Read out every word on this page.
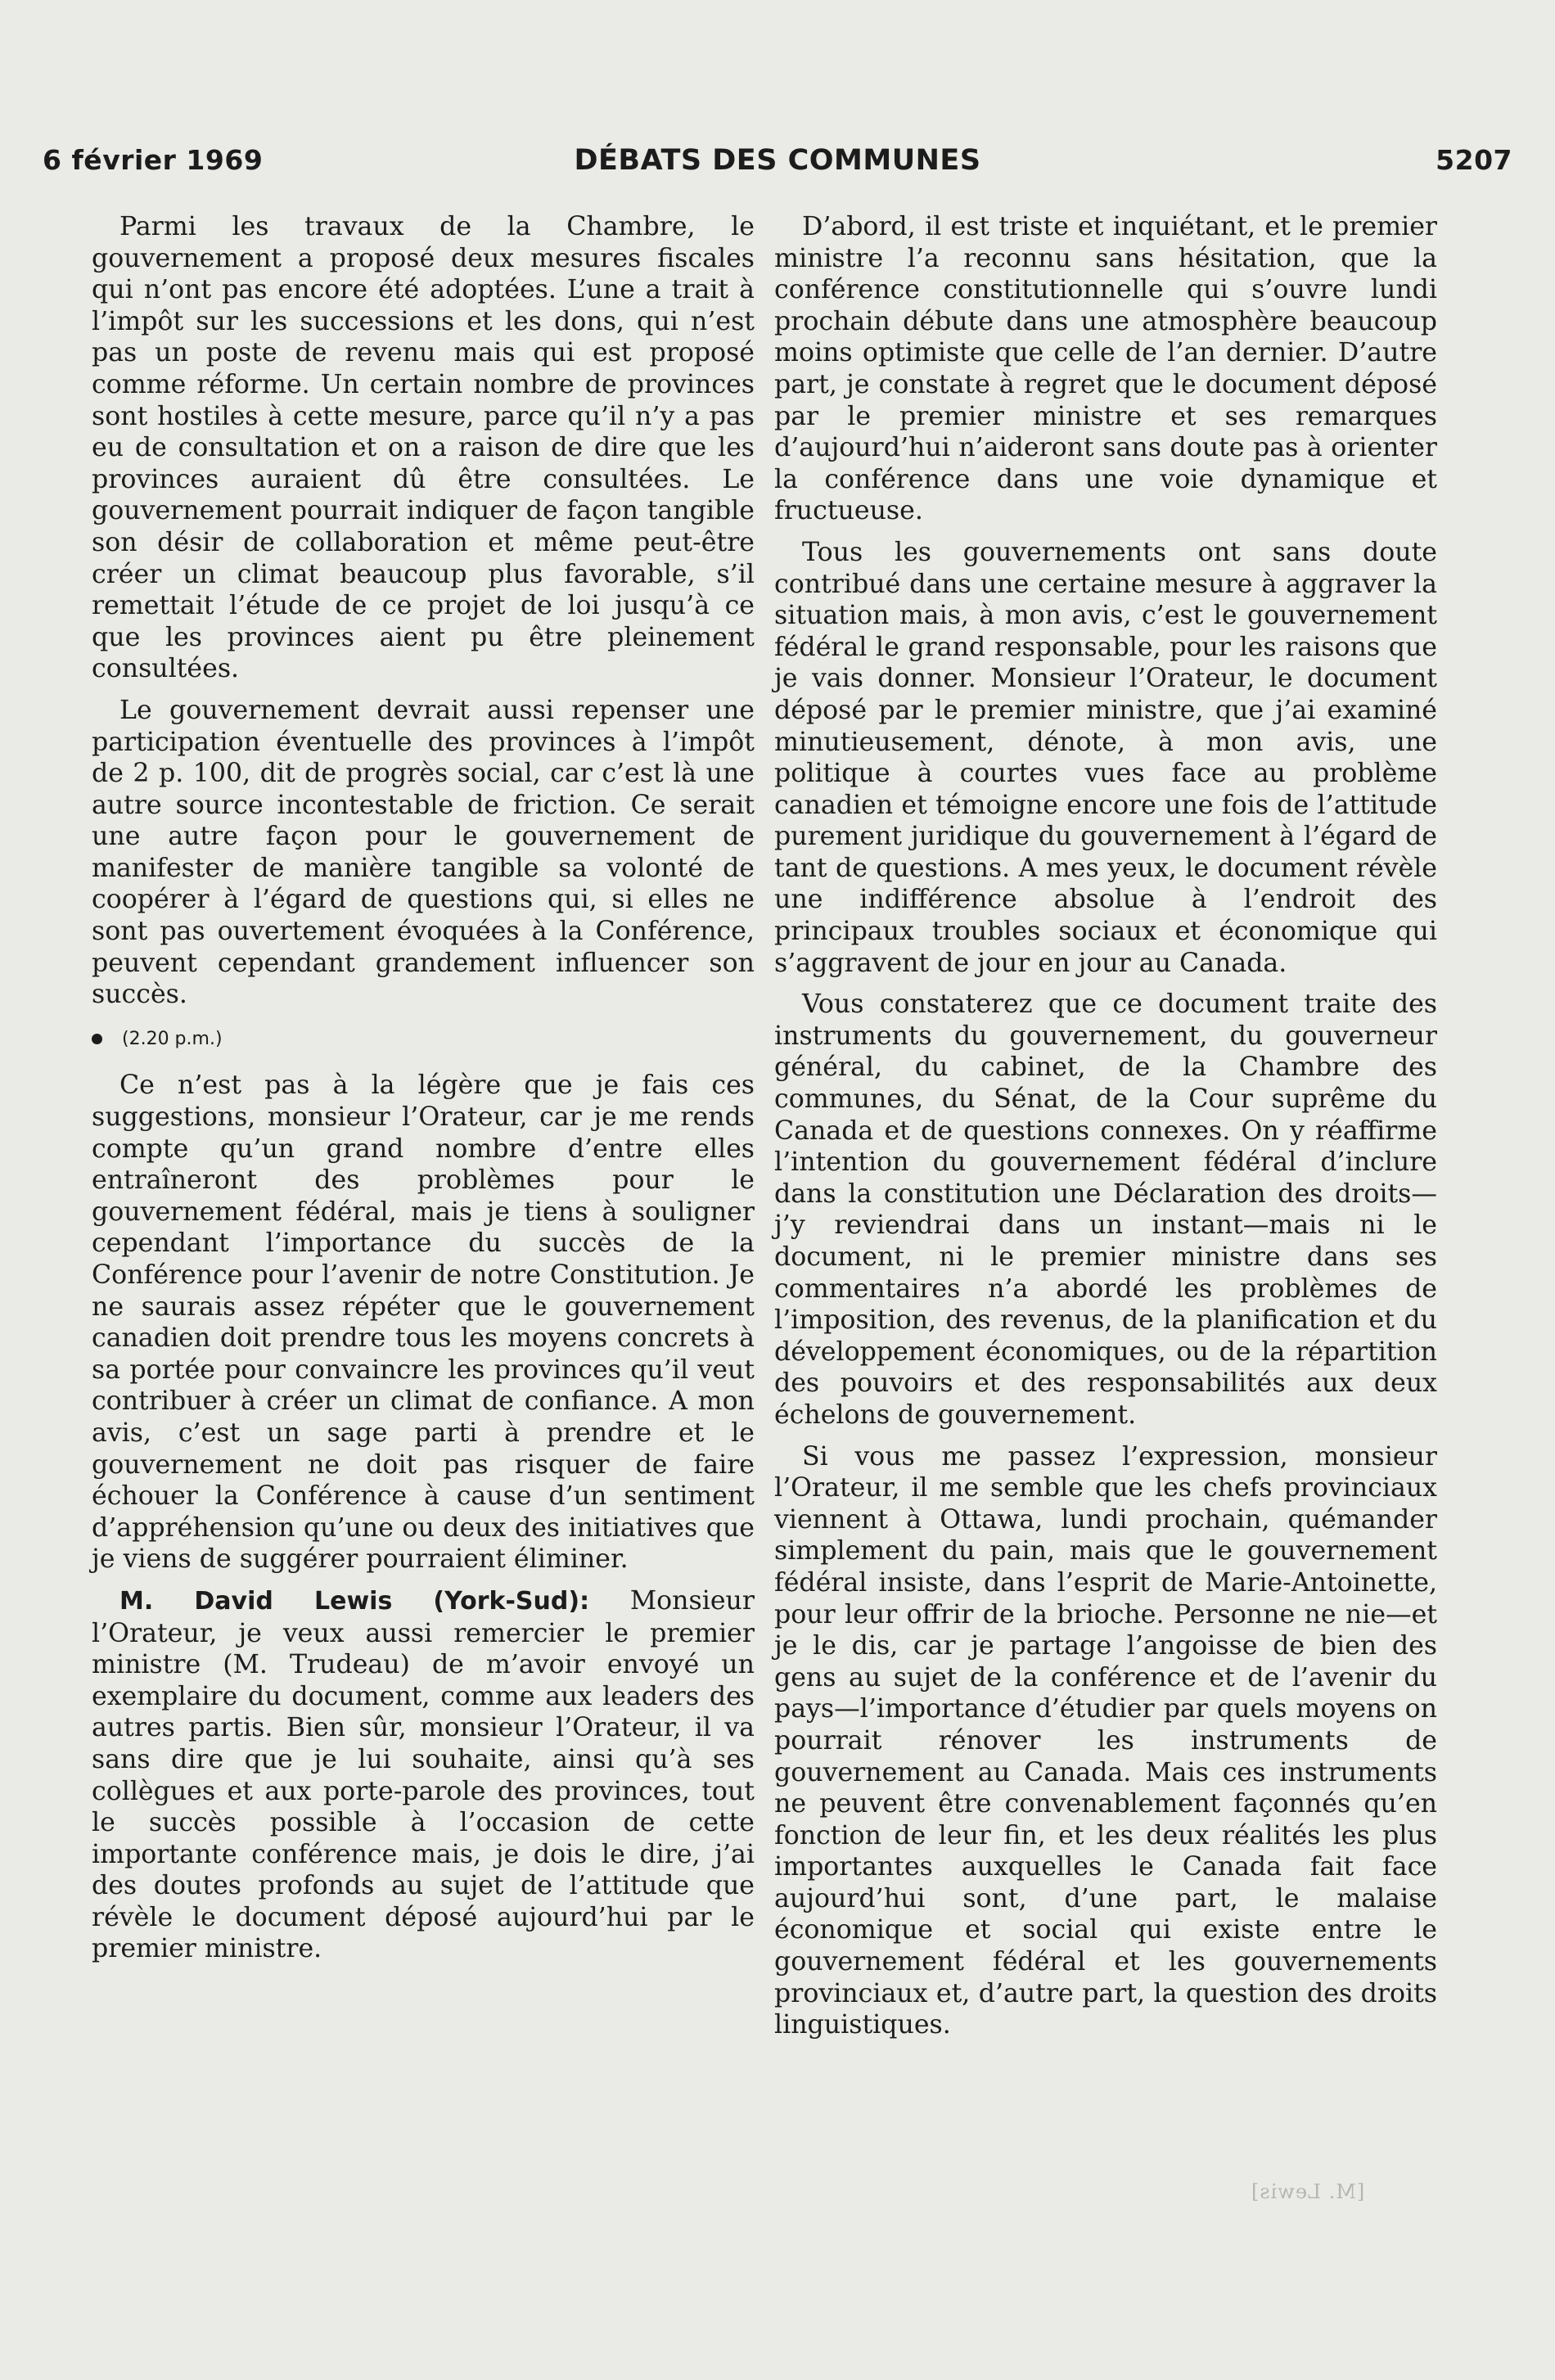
6 février 1969	DÉBATS DES COMMUNES	5207

Parmi les travaux de la Chambre, le gouvernement a proposé deux mesures fiscales qui n’ont pas encore été adoptées. L’une a trait à l’impôt sur les successions et les dons, qui n’est pas un poste de revenu mais qui est proposé comme réforme. Un certain nombre de provinces sont hostiles à cette mesure, parce qu’il n’y a pas eu de consultation et on a raison de dire que les provinces auraient dû être consultées. Le gouvernement pourrait indiquer de façon tangible son désir de collaboration et même peut-être créer un climat beaucoup plus favorable, s’il remettait l’étude de ce projet de loi jusqu’à ce que les provinces aient pu être pleinement consultées.

Le gouvernement devrait aussi repenser une participation éventuelle des provinces à l’impôt de 2 p. 100, dit de progrès social, car c’est là une autre source incontestable de friction. Ce serait une autre façon pour le gouvernement de manifester de manière tangible sa volonté de coopérer à l’égard de questions qui, si elles ne sont pas ouvertement évoquées à la Conférence, peuvent cependant grandement influencer son succès.

(2.20 p.m.)

Ce n’est pas à la légère que je fais ces suggestions, monsieur l’Orateur, car je me rends compte qu’un grand nombre d’entre elles entraîneront des problèmes pour le gouvernement fédéral, mais je tiens à souligner cependant l’importance du succès de la Conférence pour l’avenir de notre Constitution. Je ne saurais assez répéter que le gouvernement canadien doit prendre tous les moyens concrets à sa portée pour convaincre les provinces qu’il veut contribuer à créer un climat de confiance. A mon avis, c’est un sage parti à prendre et le gouvernement ne doit pas risquer de faire échouer la Conférence à cause d’un sentiment d’appréhension qu’une ou deux des initiatives que je viens de suggérer pourraient éliminer.

M. David Lewis (York-Sud): Monsieur l’Orateur, je veux aussi remercier le premier ministre (M. Trudeau) de m’avoir envoyé un exemplaire du document, comme aux leaders des autres partis. Bien sûr, monsieur l’Orateur, il va sans dire que je lui souhaite, ainsi qu’à ses collègues et aux porte-parole des provinces, tout le succès possible à l’occasion de cette importante conférence mais, je dois le dire, j’ai des doutes profonds au sujet de l’attitude que révèle le document déposé aujourd’hui par le premier ministre.

D’abord, il est triste et inquiétant, et le premier ministre l’a reconnu sans hésitation, que la conférence constitutionnelle qui s’ouvre lundi prochain débute dans une atmosphère beaucoup moins optimiste que celle de l’an dernier. D’autre part, je constate à regret que le document déposé par le premier ministre et ses remarques d’aujourd’hui n’aideront sans doute pas à orienter la conférence dans une voie dynamique et fructueuse.

Tous les gouvernements ont sans doute contribué dans une certaine mesure à aggraver la situation mais, à mon avis, c’est le gouvernement fédéral le grand responsable, pour les raisons que je vais donner. Monsieur l’Orateur, le document déposé par le premier ministre, que j’ai examiné minutieusement, dénote, à mon avis, une politique à courtes vues face au problème canadien et témoigne encore une fois de l’attitude purement juridique du gouvernement à l’égard de tant de questions. A mes yeux, le document révèle une indifférence absolue à l’endroit des principaux troubles sociaux et économique qui s’aggravent de jour en jour au Canada.

Vous constaterez que ce document traite des instruments du gouvernement, du gouverneur général, du cabinet, de la Chambre des communes, du Sénat, de la Cour suprême du Canada et de questions connexes. On y réaffirme l’intention du gouvernement fédéral d’inclure dans la constitution une Déclaration des droits—j’y reviendrai dans un instant—mais ni le document, ni le premier ministre dans ses commentaires n’a abordé les problèmes de l’imposition, des revenus, de la planification et du développement économiques, ou de la répartition des pouvoirs et des responsabilités aux deux échelons de gouvernement.

Si vous me passez l’expression, monsieur l’Orateur, il me semble que les chefs provinciaux viennent à Ottawa, lundi prochain, quémander simplement du pain, mais que le gouvernement fédéral insiste, dans l’esprit de Marie-Antoinette, pour leur offrir de la brioche. Personne ne nie—et je le dis, car je partage l’angoisse de bien des gens au sujet de la conférence et de l’avenir du pays—l’importance d’étudier par quels moyens on pourrait rénover les instruments de gouvernement au Canada. Mais ces instruments ne peuvent être convenablement façonnés qu’en fonction de leur fin, et les deux réalités les plus importantes auxquelles le Canada fait face aujourd’hui sont, d’une part, le malaise économique et social qui existe entre le gouvernement fédéral et les gouvernements provinciaux et, d’autre part, la question des droits linguistiques.

[M. Lewis]
